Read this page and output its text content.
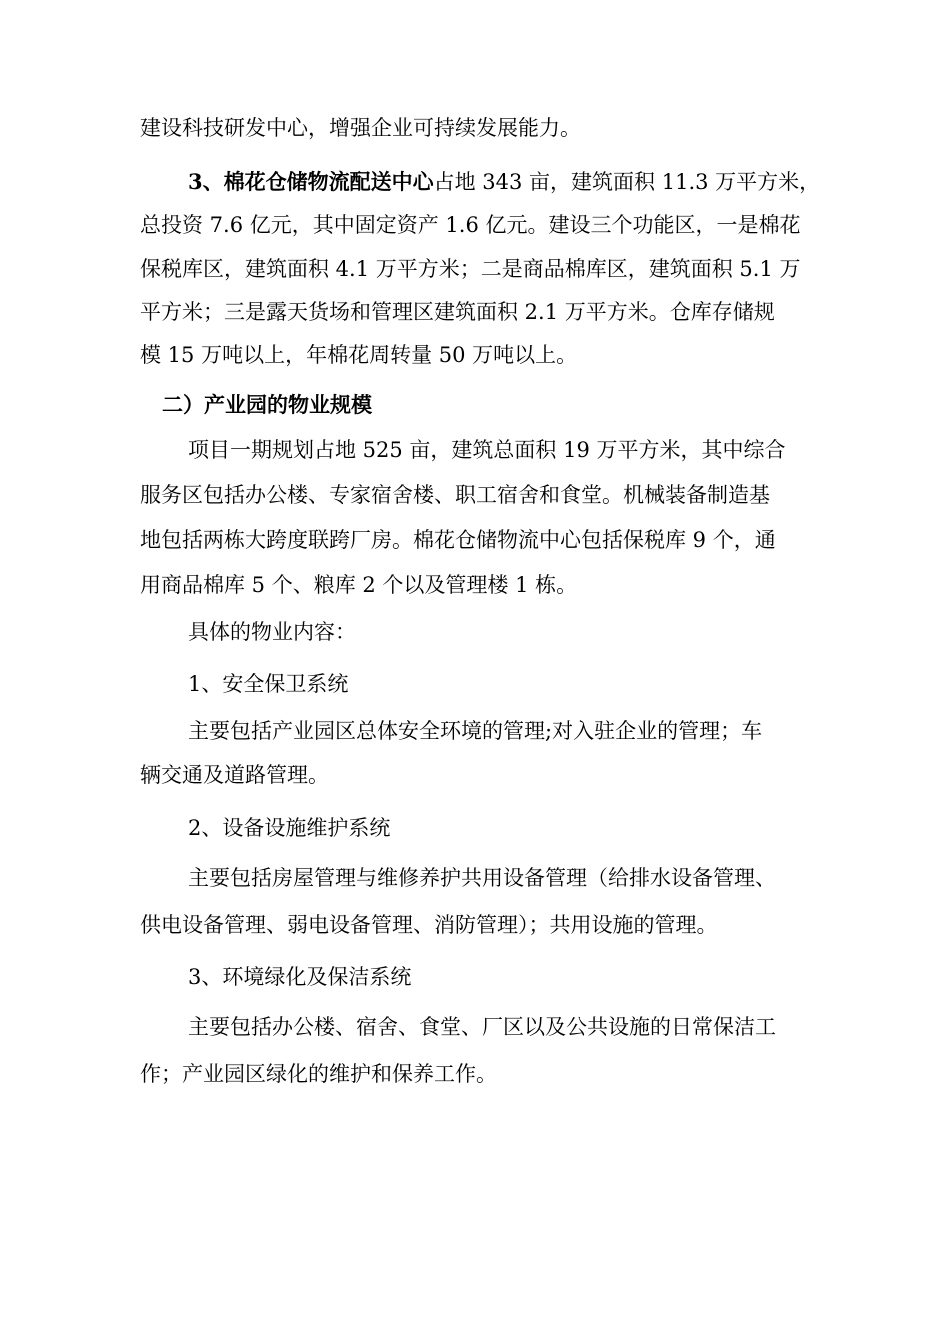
建设科技研发中心，增强企业可持续发展能力。
3、棉花仓储物流配送中心占地 343 亩，建筑面积 11.3 万平方米，
总投资 7.6 亿元，其中固定资产 1.6 亿元。建设三个功能区，一是棉花
保税库区，建筑面积 4.1 万平方米；二是商品棉库区，建筑面积 5.1 万
平方米；三是露天货场和管理区建筑面积 2.1 万平方米。仓库存储规
模 15 万吨以上，年棉花周转量 50 万吨以上。
二）产业园的物业规模
项目一期规划占地 525 亩，建筑总面积 19 万平方米，其中综合
服务区包括办公楼、专家宿舍楼、职工宿舍和食堂。机械装备制造基
地包括两栋大跨度联跨厂房。棉花仓储物流中心包括保税库 9 个，通
用商品棉库 5 个、粮库 2 个以及管理楼 1 栋。
具体的物业内容：
1、安全保卫系统
主要包括产业园区总体安全环境的管理;对入驻企业的管理；车
辆交通及道路管理。
2、设备设施维护系统
主要包括房屋管理与维修养护共用设备管理（给排水设备管理、
供电设备管理、弱电设备管理、消防管理）；共用设施的管理。
3、环境绿化及保洁系统
主要包括办公楼、宿舍、食堂、厂区以及公共设施的日常保洁工
作；产业园区绿化的维护和保养工作。
